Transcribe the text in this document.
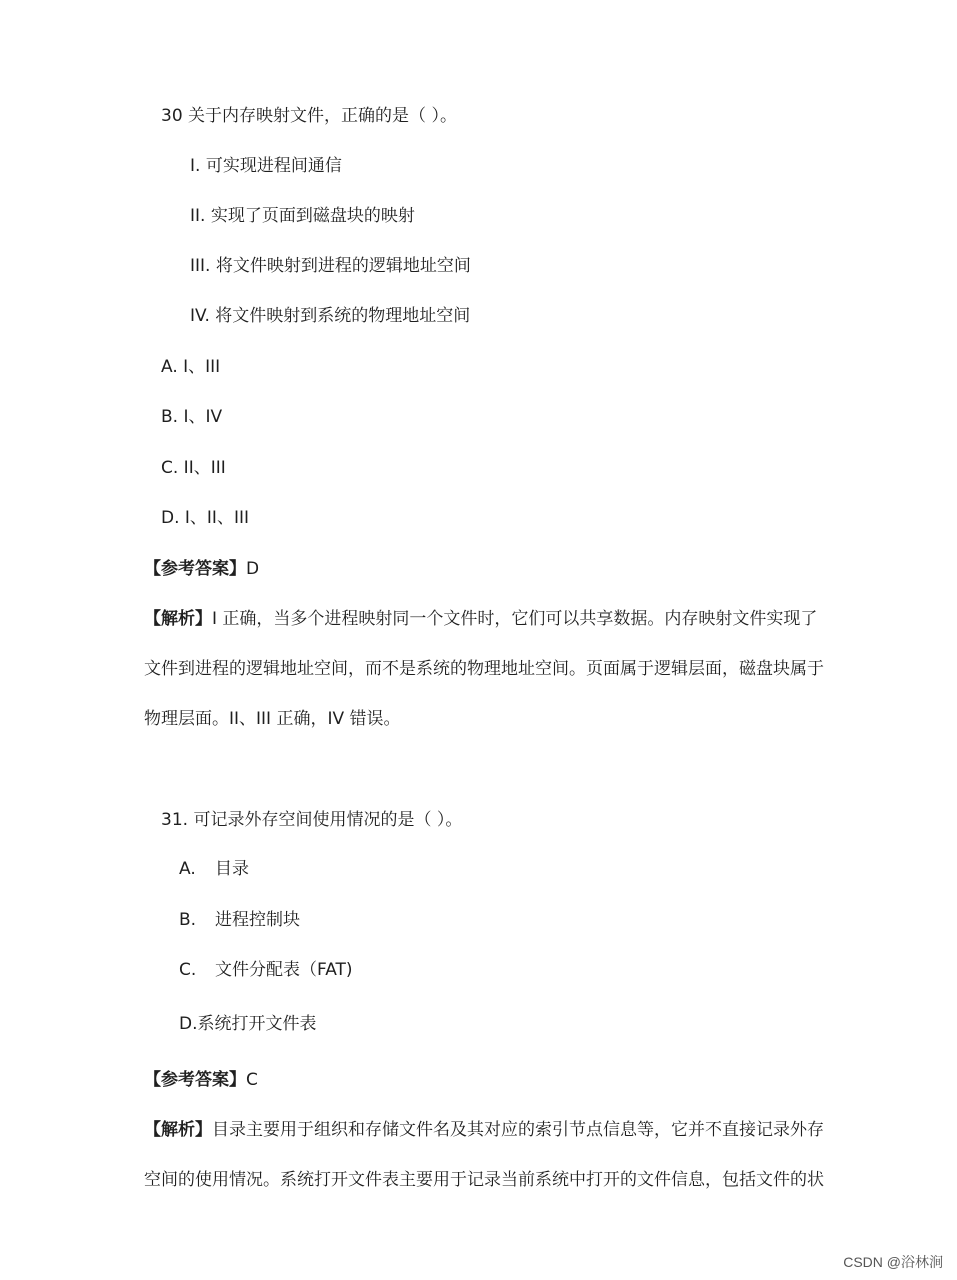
30 关于内存映射文件，正确的是（ ）。
I. 可实现进程间通信
II. 实现了页面到磁盘块的映射
III. 将文件映射到进程的逻辑地址空间
IV. 将文件映射到系统的物理地址空间
A. I、III
B. I、IV
C. II、III
D. I、II、III
【参考答案】D
【解析】I 正确，当多个进程映射同一个文件时，它们可以共享数据。内存映射文件实现了
文件到进程的逻辑地址空间，而不是系统的物理地址空间。页面属于逻辑层面，磁盘块属于
物理层面。II、III 正确，IV 错误。
31. 可记录外存空间使用情况的是（ ）。
A. 目录
B. 进程控制块
C. 文件分配表（FAT)
D.系统打开文件表
【参考答案】C
【解析】目录主要用于组织和存储文件名及其对应的索引节点信息等，它并不直接记录外存
空间的使用情况。系统打开文件表主要用于记录当前系统中打开的文件信息，包括文件的状
CSDN @浴林涧
